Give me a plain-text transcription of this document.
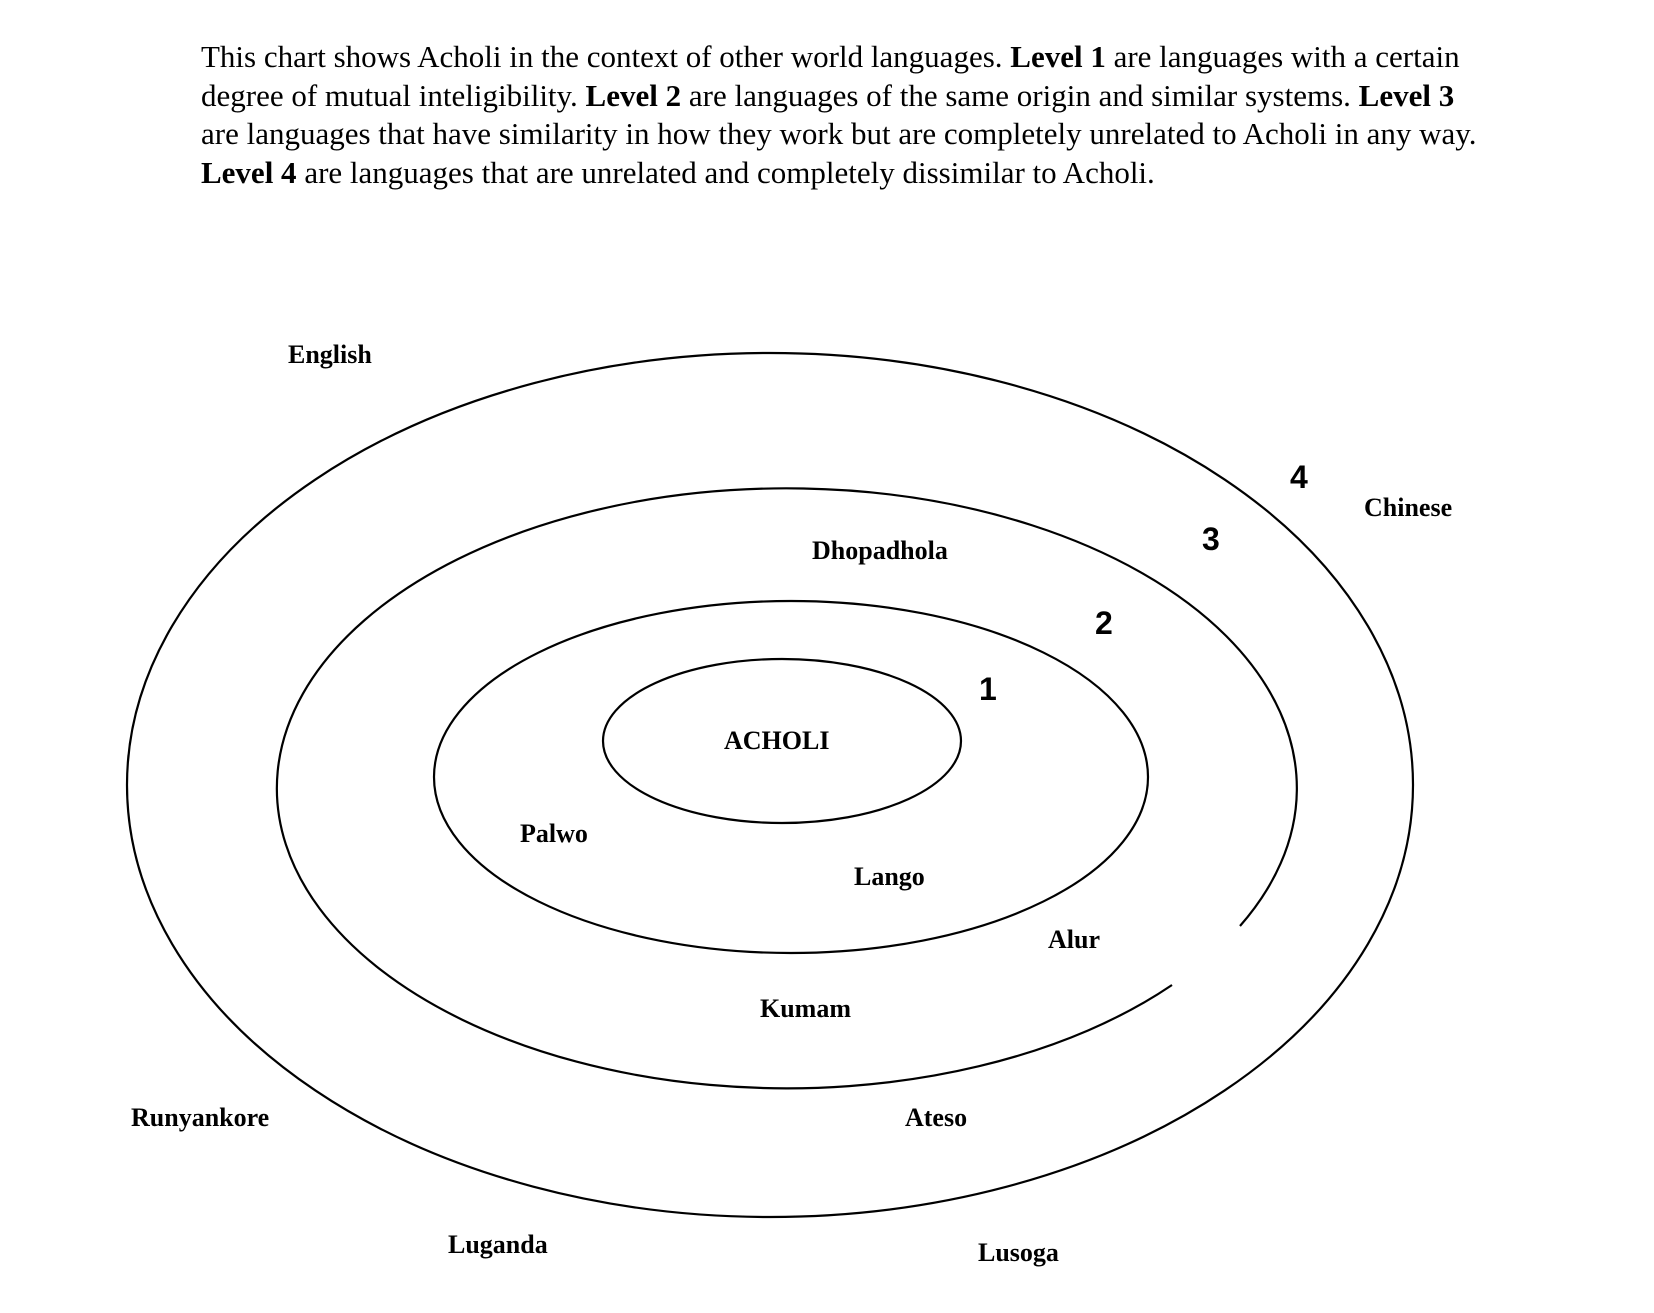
This chart shows Acholi in the context of other world languages. Level 1 are languages with a certain degree of mutual inteligibility. Level 2 are languages of the same origin and similar systems. Level 3 are languages that have similarity in how they work but are completely unrelated to Acholi in any way. Level 4 are languages that are unrelated and completely dissimilar to Acholi.

1
2
3
4
ACHOLI
English
Chinese
Dhopadhola
Palwo
Lango
Alur
Kumam
Ateso
Runyankore
Luganda	Lusoga
